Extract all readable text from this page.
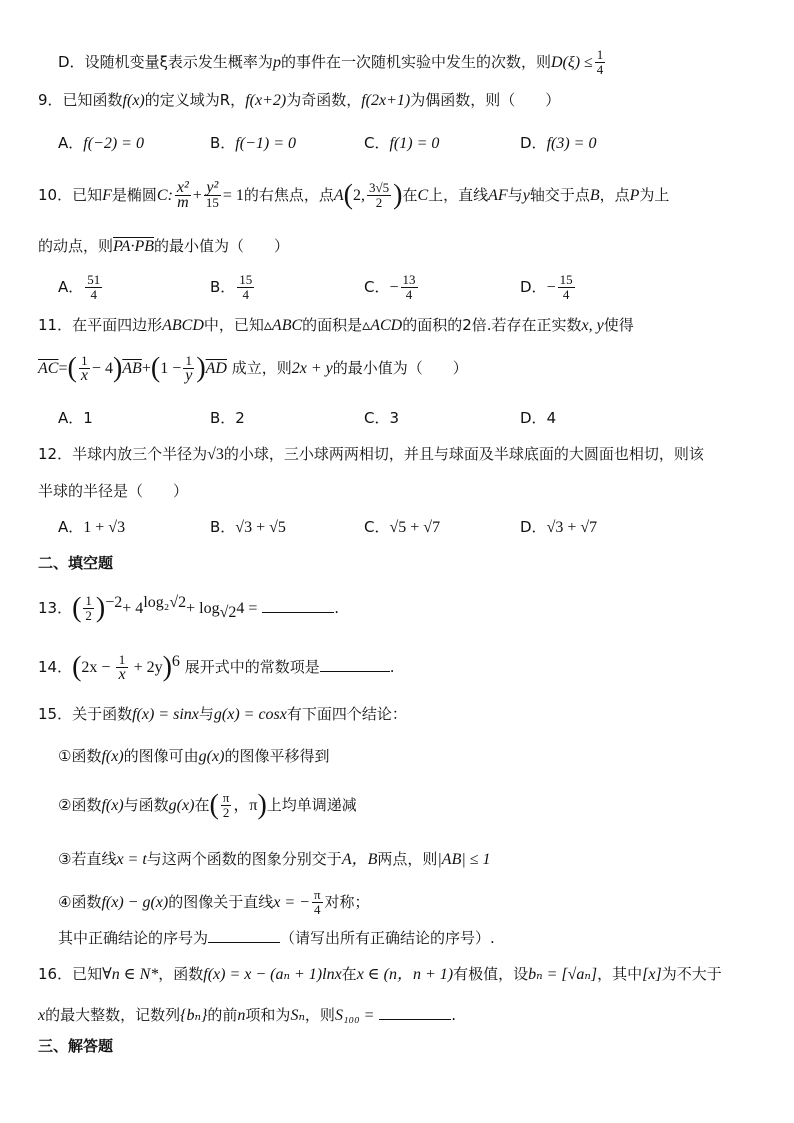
D．设随机变量ξ表示发生概率为p的事件在一次随机实验中发生的次数，则$D(\xi) \le \frac{1}{4}$
9．已知函数f(x)的定义域为R，f(x+2)为奇函数，f(2x+1)为偶函数，则（　　）
A．f(−2) = 0	B．f(−1) = 0	C．f(1) = 0	D．f(3) = 0
10．已知F是椭圆C: $\frac{\text{x²}}{m} + \frac{\text{y²}}{15} = 1$的右焦点，点A(2, $\frac{3√5}{2}$ )在C上，直线AF与y轴交于点B，点P为上
的动点，则PA·PB的最小值为（　　）
A． $\frac{51}{4}$	B． $\frac{15}{4}$	C．− $\frac{13}{4}$	D．− $\frac{15}{4}$
11．在平面四边形ABCD中，已知▵ABC的面积是▵ACD的面积的2倍.若存在正实数x, y使得
$\overline{AC}=( \frac{1}{x} - 4)\overline{AB}+(1 - \frac{1}{y} )\overline{AD}$ 成立，则2x + y的最小值为（　　）
A．1	B．2	C．3	D．4
12．半球内放三个半径为√3的小球，三小球两两相切，并且与球面及半球底面的大圆面也相切，则该
半球的半径是（　　）
A．1 + √3	B．√3 + √5	C．√5 + √7	D．√3 + √7
二、填空题
13．( $\frac{1}{2} )^{-2}+ 4^{log_2√2}+ \log_{√2}4$ =	.
14．$(2x - \frac{1}{x} + 2y)^6$ 展开式中的常数项是	.
15．关于函数f(x) = sinx与g(x) = cosx有下面四个结论：
①函数f(x)的图像可由g(x)的图像平移得到
②函数f(x)与函数g(x)在( $\frac{\pi}{2}$ ，π)上均单调递减
③若直线x = t与这两个函数的图象分别交于A，B两点，则|AB| ≤ 1
④函数f(x) − g(x)的图像关于直线x = − $\frac{\pi}{4}$ 对称；
其中正确结论的序号为	（请写出所有正确结论的序号）.
16．已知∀n ∈ N*，函数f(x) = x − (aₙ + 1)lnx在x ∈ (n，n + 1)有极值，设bₙ = [√aₙ]，其中[x]为不大于
x的最大整数，记数列{bₙ}的前n项和为Sₙ，则S₁₀₀ =	.
三、解答题
